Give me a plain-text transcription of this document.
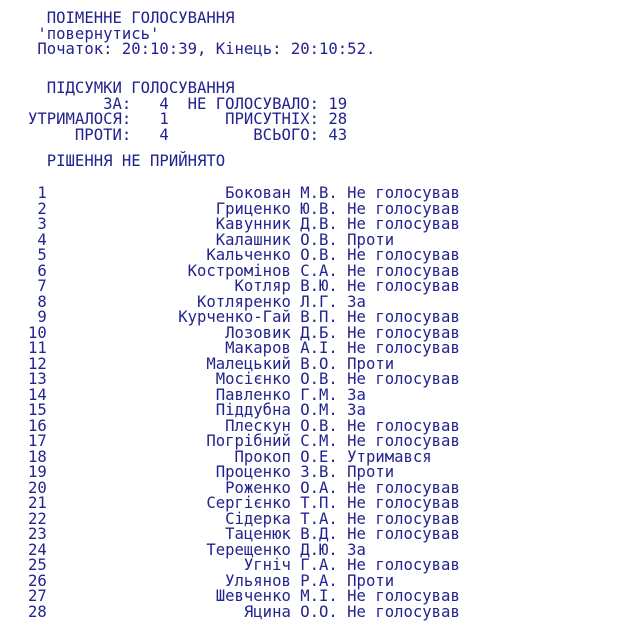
ПОІМЕННЕ ГОЛОСУВАННЯ
'повернутись'
Початок: 20:10:39, Кінець: 20:10:52.
ПІДСУМКИ ГОЛОСУВАННЯ
ЗА: 4 НЕ ГОЛОСУВАЛО: 19
УТРИМАЛОСЯ: 1	ПРИСУТНІХ: 28
ПРОТИ: 4	ВСЬОГО: 43
РІШЕННЯ НЕ ПРИЙНЯТО
1	Бокован М.В. Не голосував
2	Гриценко Ю.В. Не голосував
3	Кавунник Д.В. Не голосував
4	Калашник О.В. Проти
5	Кальченко О.В. Не голосував
6	Костромінов С.А. Не голосував
7	Котляр В.Ю. Не голосував
8	Котляренко Л.Г. За
9	Курченко-Гай В.П. Не голосував
10	Лозовик Д.Б. Не голосував
11	Макаров А.І. Не голосував
12	Малецький В.О. Проти
13	Мосієнко О.В. Не голосував
14	Павленко Г.М. За
15	Піддубна О.М. За
16	Плескун О.В. Не голосував
17	Погрібний С.М. Не голосував
18	Прокоп О.Е. Утримався
19	Проценко З.В. Проти
20	Роженко О.А. Не голосував
21	Сергієнко Т.П. Не голосував
22	Сідерка Т.А. Не голосував
23	Таценюк В.Д. Не голосував
24	Терещенко Д.Ю. За
25	Угніч Г.А. Не голосував
26	Ульянов Р.А. Проти
27	Шевченко М.І. Не голосував
28	Яцина О.О. Не голосував
